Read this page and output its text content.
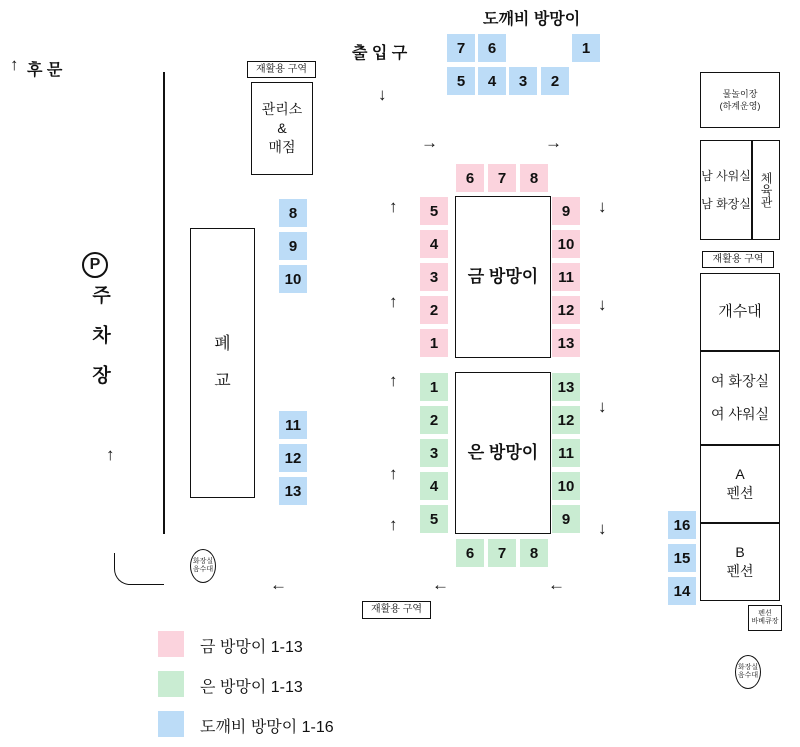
도깨비 방망이
7	6	1
5	4	3	2
출 입 구
↓
↑ 후 문	재활용 구역
관리소
&
매점
8
9
10
11
12
13
폐
교
P
주 차 장
↑
6	7	8
5
4
3
2
1
9
10
11
12
13
금 방망이
1
2
3
4
5
13
12
11
10
9
6	7	8
은 방망이
→	→
↑
↑
↑
↑
↑
↓
↓
↓
↓
←	←	←
화장실
음수대
화장실
음수대
재활용 구역
물놀이장
(하계운영)
남 사워실
남 화장실 체육관
재활용 구역
개수대
여 화장실
여 샤워실
A
펜션
B
펜션
펜션
바베큐장
16
15
14
금 방망이 1-13
은 방망이 1-13
도깨비 방망이 1-16
